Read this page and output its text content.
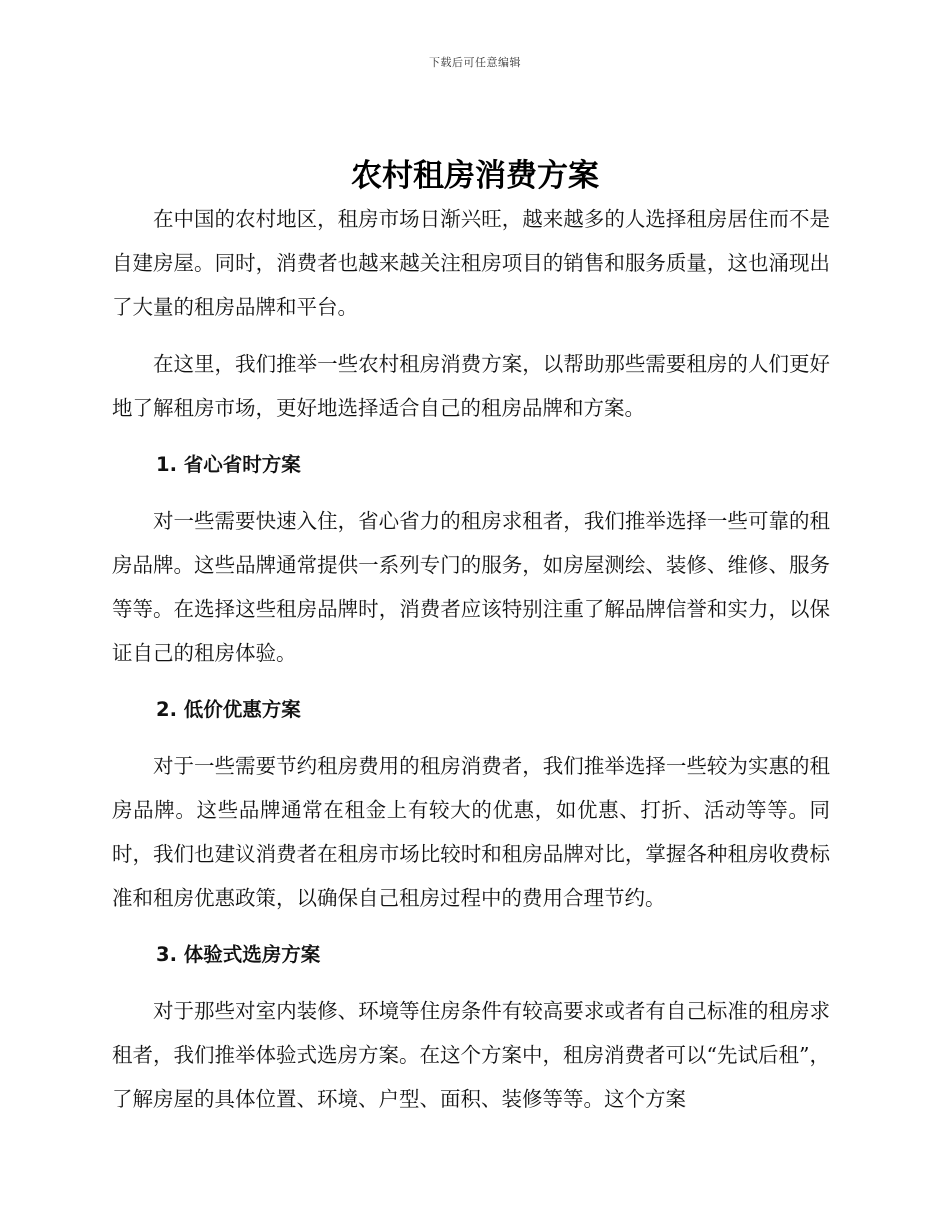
下载后可任意编辑
农村租房消费方案

在中国的农村地区，租房市场日渐兴旺，越来越多的人选择租房居住而不是自建房屋。同时，消费者也越来越关注租房项目的销售和服务质量，这也涌现出了大量的租房品牌和平台。

在这里，我们推举一些农村租房消费方案，以帮助那些需要租房的人们更好地了解租房市场，更好地选择适合自己的租房品牌和方案。

1. 省心省时方案

对一些需要快速入住，省心省力的租房求租者，我们推举选择一些可靠的租房品牌。这些品牌通常提供一系列专门的服务，如房屋测绘、装修、维修、服务等等。在选择这些租房品牌时，消费者应该特别注重了解品牌信誉和实力，以保证自己的租房体验。

2. 低价优惠方案

对于一些需要节约租房费用的租房消费者，我们推举选择一些较为实惠的租房品牌。这些品牌通常在租金上有较大的优惠，如优惠、打折、活动等等。同时，我们也建议消费者在租房市场比较时和租房品牌对比，掌握各种租房收费标准和租房优惠政策，以确保自己租房过程中的费用合理节约。

3. 体验式选房方案

对于那些对室内装修、环境等住房条件有较高要求或者有自己标准的租房求租者，我们推举体验式选房方案。在这个方案中，租房消费者可以“先试后租”，了解房屋的具体位置、环境、户型、面积、装修等等。这个方案
